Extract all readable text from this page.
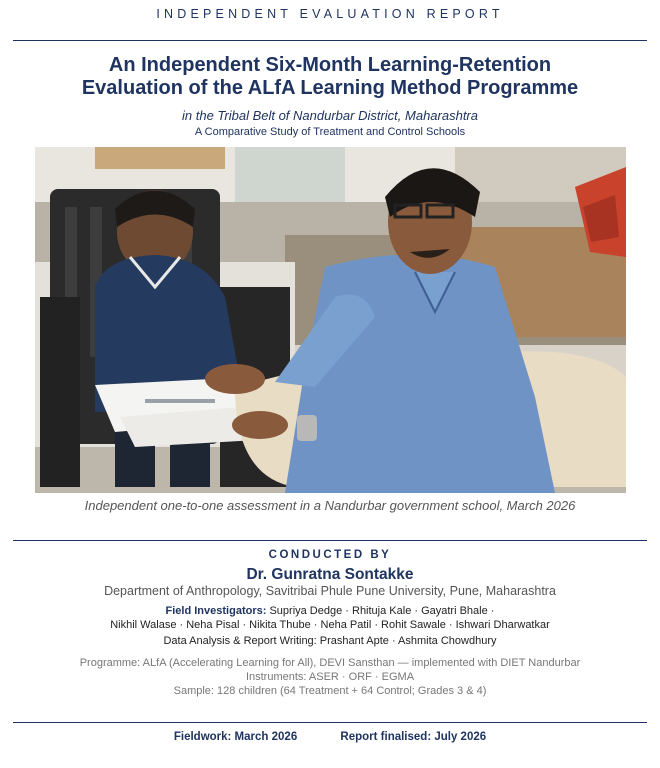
INDEPENDENT EVALUATION REPORT
An Independent Six-Month Learning-Retention
Evaluation of the ALfA Learning Method Programme
in the Tribal Belt of Nandurbar District, Maharashtra
A Comparative Study of Treatment and Control Schools
Independent one-to-one assessment in a Nandurbar government school, March 2026
CONDUCTED BY
Dr. Gunratna Sontakke
Department of Anthropology, Savitribai Phule Pune University, Pune, Maharashtra
Field Investigators: Supriya Dedge · Rhituja Kale · Gayatri Bhale ·
Nikhil Walase · Neha Pisal · Nikita Thube · Neha Patil · Rohit Sawale · Ishwari Dharwatkar
Data Analysis & Report Writing: Prashant Apte · Ashmita Chowdhury
Programme: ALfA (Accelerating Learning for All), DEVI Sansthan — implemented with DIET Nandurbar
Instruments: ASER · ORF · EGMA
Sample: 128 children (64 Treatment + 64 Control; Grades 3 & 4)
Fieldwork: March 2026	Report finalised: July 2026
